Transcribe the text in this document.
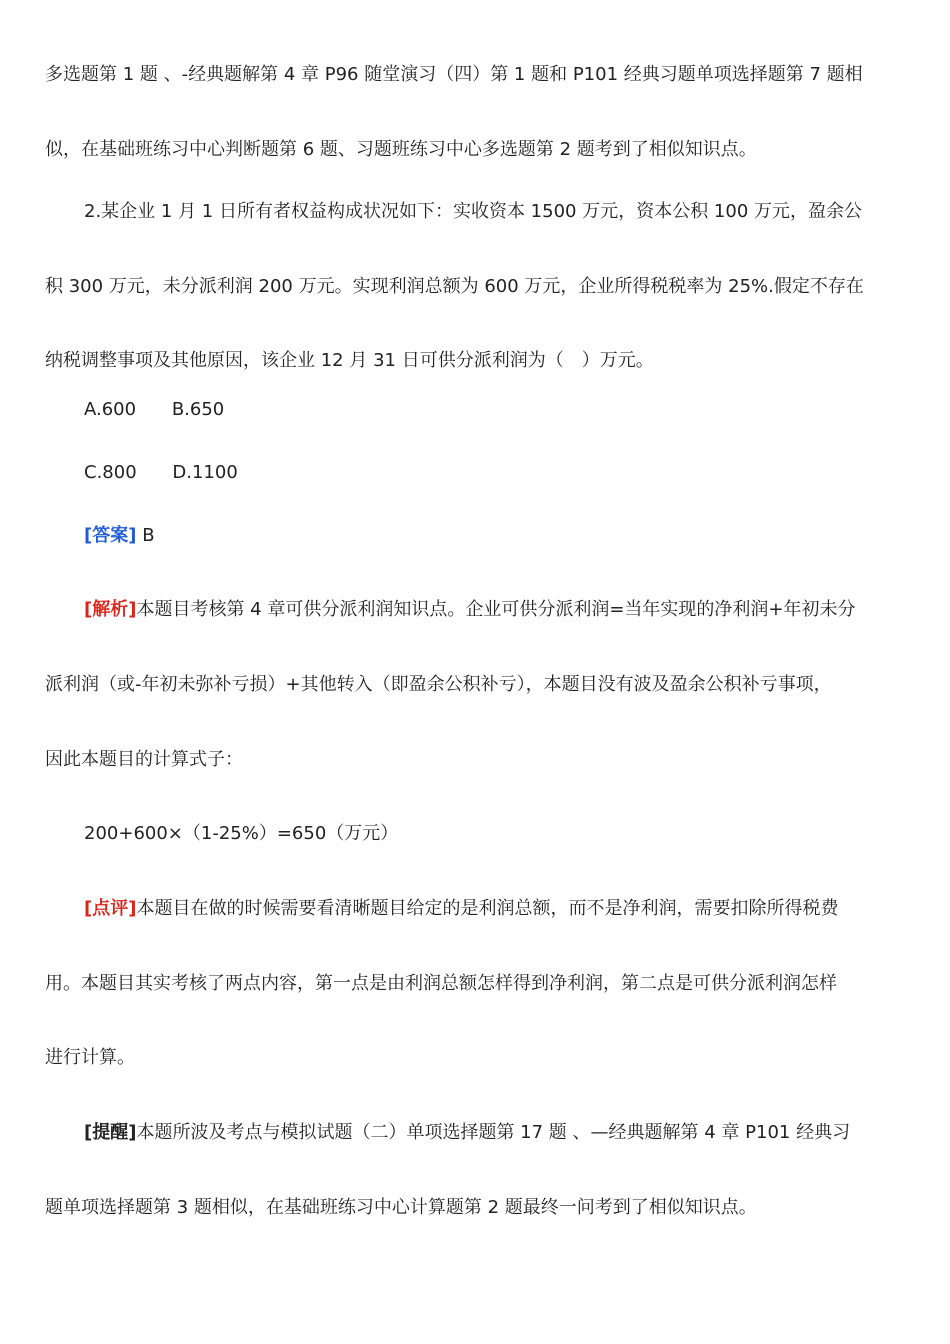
多选题第 1 题 、-经典题解第 4 章 P96 随堂演习（四）第 1 题和 P101 经典习题单项选择题第 7 题相
似，在基础班练习中心判断题第 6 题、习题班练习中心多选题第 2 题考到了相似知识点。
2.某企业 1 月 1 日所有者权益构成状况如下：实收资本 1500 万元，资本公积 100 万元，盈余公
积 300 万元，未分派利润 200 万元。实现利润总额为 600 万元，企业所得税税率为 25%.假定不存在
纳税调整事项及其他原因，该企业 12 月 31 日可供分派利润为（　）万元。
A.600 B.650
C.800 D.1100
[答案] B
[解析]本题目考核第 4 章可供分派利润知识点。企业可供分派利润=当年实现的净利润+年初未分
派利润（或-年初未弥补亏损）+其他转入（即盈余公积补亏），本题目没有波及盈余公积补亏事项，
因此本题目的计算式子：
200+600×（1-25%）=650（万元）
[点评]本题目在做的时候需要看清晰题目给定的是利润总额，而不是净利润，需要扣除所得税费
用。本题目其实考核了两点内容，第一点是由利润总额怎样得到净利润，第二点是可供分派利润怎样
进行计算。
[提醒]本题所波及考点与模拟试题（二）单项选择题第 17 题 、—经典题解第 4 章 P101 经典习
题单项选择题第 3 题相似，在基础班练习中心计算题第 2 题最终一问考到了相似知识点。
